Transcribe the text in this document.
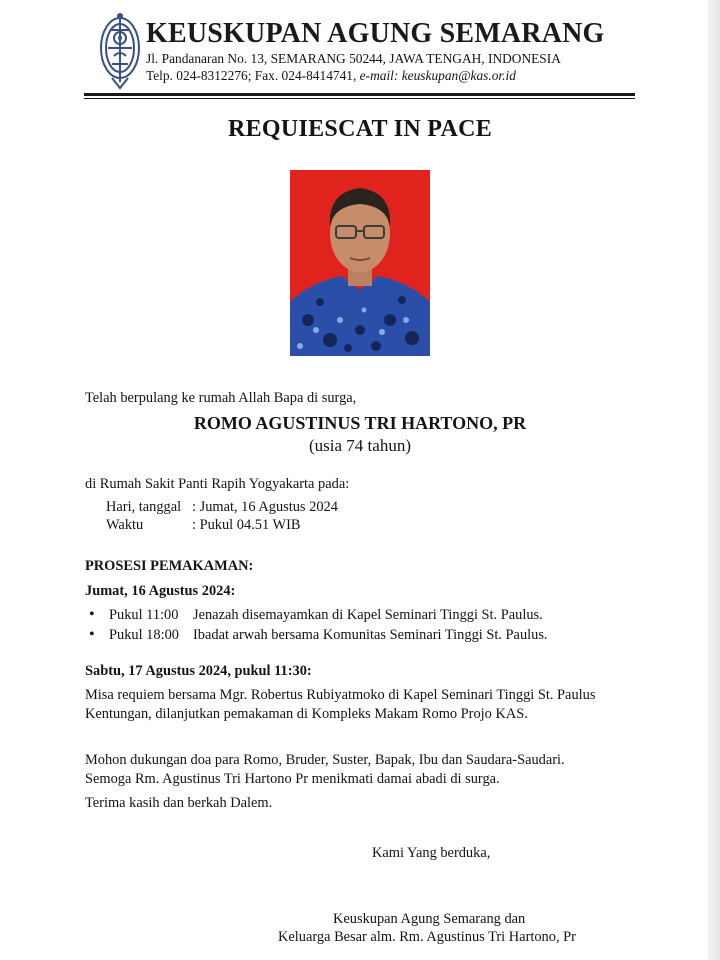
KEUSKUPAN AGUNG SEMARANG
Jl. Pandanaran No. 13, SEMARANG 50244, JAWA TENGAH, INDONESIA
Telp. 024-8312276; Fax. 024-8414741, e-mail: keuskupan@kas.or.id
REQUIESCAT IN PACE
Telah berpulang ke rumah Allah Bapa di surga,
ROMO AGUSTINUS TRI HARTONO, PR
(usia 74 tahun)
di Rumah Sakit Panti Rapih Yogyakarta pada:
Hari, tanggal : Jumat, 16 Agustus 2024
Waktu	: Pukul 04.51 WIB
PROSESI PEMAKAMAN:
Jumat, 16 Agustus 2024:
• Pukul 11:00 Jenazah disemayamkan di Kapel Seminari Tinggi St. Paulus.
• Pukul 18:00 Ibadat arwah bersama Komunitas Seminari Tinggi St. Paulus.
Sabtu, 17 Agustus 2024, pukul 11:30:
Misa requiem bersama Mgr. Robertus Rubiyatmoko di Kapel Seminari Tinggi St. Paulus
Kentungan, dilanjutkan pemakaman di Kompleks Makam Romo Projo KAS.
Mohon dukungan doa para Romo, Bruder, Suster, Bapak, Ibu dan Saudara-Saudari.
Semoga Rm. Agustinus Tri Hartono Pr menikmati damai abadi di surga.
Terima kasih dan berkah Dalem.
Kami Yang berduka,
Keuskupan Agung Semarang dan
Keluarga Besar alm. Rm. Agustinus Tri Hartono, Pr
